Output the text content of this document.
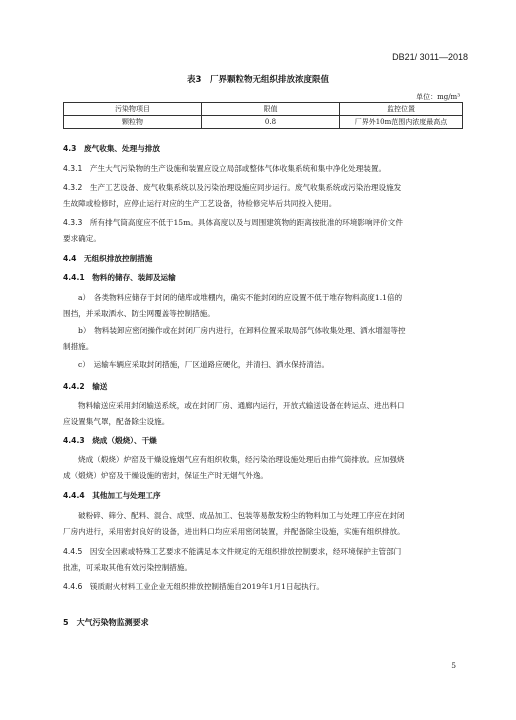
DB21/ 3011—2018
表3　厂界颗粒物无组织排放浓度限值
单位：mg/m³
污染物项目	限值	监控位置
颗粒物	0.8	厂界外10m范围内浓度最高点
4.3　 废气收集、处理与排放
4.3.1　 产生大气污染物的生产设施和装置应设立局部或整体气体收集系统和集中净化处理装置。
4.3.2　 生产工艺设备、废气收集系统以及污染治理设施应同步运行。废气收集系统或污染治理设施发
生故障或检修时，应停止运行对应的生产工艺设备，待检修完毕后共同投入使用。
4.3.3　 所有排气筒高度应不低于15m。具体高度以及与周围建筑物的距离按批准的环境影响评价文件
要求确定。
4.4　 无组织排放控制措施
4.4.1　 物料的储存、装卸及运输
a）　各类物料应储存于封闭的储库或堆棚内，确实不能封闭的应设置不低于堆存物料高度1.1倍的
围挡，并采取洒水、防尘网覆盖等控制措施。
b）　物料装卸应密闭操作或在封闭厂房内进行，在卸料位置采取局部气体收集处理、洒水增湿等控
制措施。
c）　运输车辆应采取封闭措施，厂区道路应硬化，并清扫、洒水保持清洁。
4.4.2　 输送
物料输送应采用封闭输送系统，或在封闭厂房、通廊内运行，开放式输送设备在转运点、进出料口
应设置集气罩，配备除尘设施。
4.4.3　 烧成（煅烧）、干燥
烧成（煅烧）炉窑及干燥设施烟气应有组织收集，经污染治理设施处理后由排气筒排放。应加强烧
成（煅烧）炉窑及干燥设施的密封，保证生产时无烟气外逸。
4.4.4　 其他加工与处理工序
破粉碎、筛分、配料、混合、成型、成品加工、包装等易散发粉尘的物料加工与处理工序应在封闭
厂房内进行，采用密封良好的设备，进出料口均应采用密闭装置，并配备除尘设施，实施有组织排放。
4.4.5　 因安全因素或特殊工艺要求不能满足本文件规定的无组织排放控制要求，经环境保护主管部门
批准，可采取其他有效污染控制措施。
4.4.6　 镁质耐火材料工业企业无组织排放控制措施自2019年1月1日起执行。
5　 大气污染物监测要求
5
